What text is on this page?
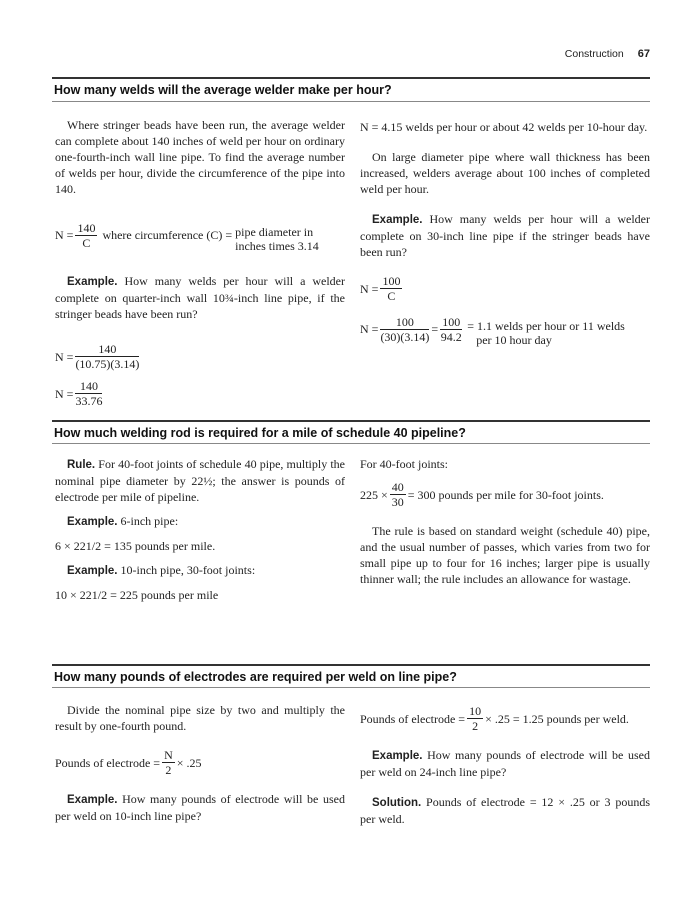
Construction 67
How many welds will the average welder make per hour?

Where stringer beads have been run, the average welder can complete about 140 inches of weld per hour on ordinary one-fourth-inch wall line pipe. To find the average number of welds per hour, divide the circumference of the pipe into 140.

$N = \frac{140}{C}$ where circumference (C) = pipe diameter in
inches times 3.14

Example. How many welds per hour will a welder complete on quarter-inch wall 10¾-inch line pipe, if the stringer beads have been run?

$N = \frac{140}{(10.75)(3.14)}$
$N = \frac{140}{33.76}$

N = 4.15 welds per hour or about 42 welds per 10-hour day.

On large diameter pipe where wall thickness has been increased, welders average about 100 inches of completed weld per hour.

Example. How many welds per hour will a welder complete on 30-inch line pipe if the stringer beads have been run?

$N = \frac{100}{C}$
$N = \frac{100}{(30)(3.14)} = \frac{100}{94.2} = 1.1$ welds per hour or 11 welds
per 10 hour day
How much welding rod is required for a mile of schedule 40 pipeline?

Rule. For 40-foot joints of schedule 40 pipe, multiply the nominal pipe diameter by 22½; the answer is pounds of electrode per mile of pipeline.

Example. 6-inch pipe:

6 × 221/2 = 135 pounds per mile.

Example. 10-inch pipe, 30-foot joints:

10 × 221/2 = 225 pounds per mile

For 40-foot joints:

$225 \times \frac{40}{30} = 300$ pounds per mile for 30-foot joints.

The rule is based on standard weight (schedule 40) pipe, and the usual number of passes, which varies from two for small pipe up to four for 16 inches; larger pipe is usually thinner wall; the rule includes an allowance for wastage.

How many pounds of electrodes are required per weld on line pipe?

Divide the nominal pipe size by two and multiply the result by one-fourth pound.

Pounds of electrode = $\frac{N}{2} \times .25$

Example. How many pounds of electrode will be used per weld on 10-inch line pipe?

Pounds of electrode = $\frac{10}{2} \times .25 = 1.25$ pounds per weld.

Example. How many pounds of electrode will be used per weld on 24-inch line pipe?

Solution. Pounds of electrode = 12 × .25 or 3 pounds per weld.
